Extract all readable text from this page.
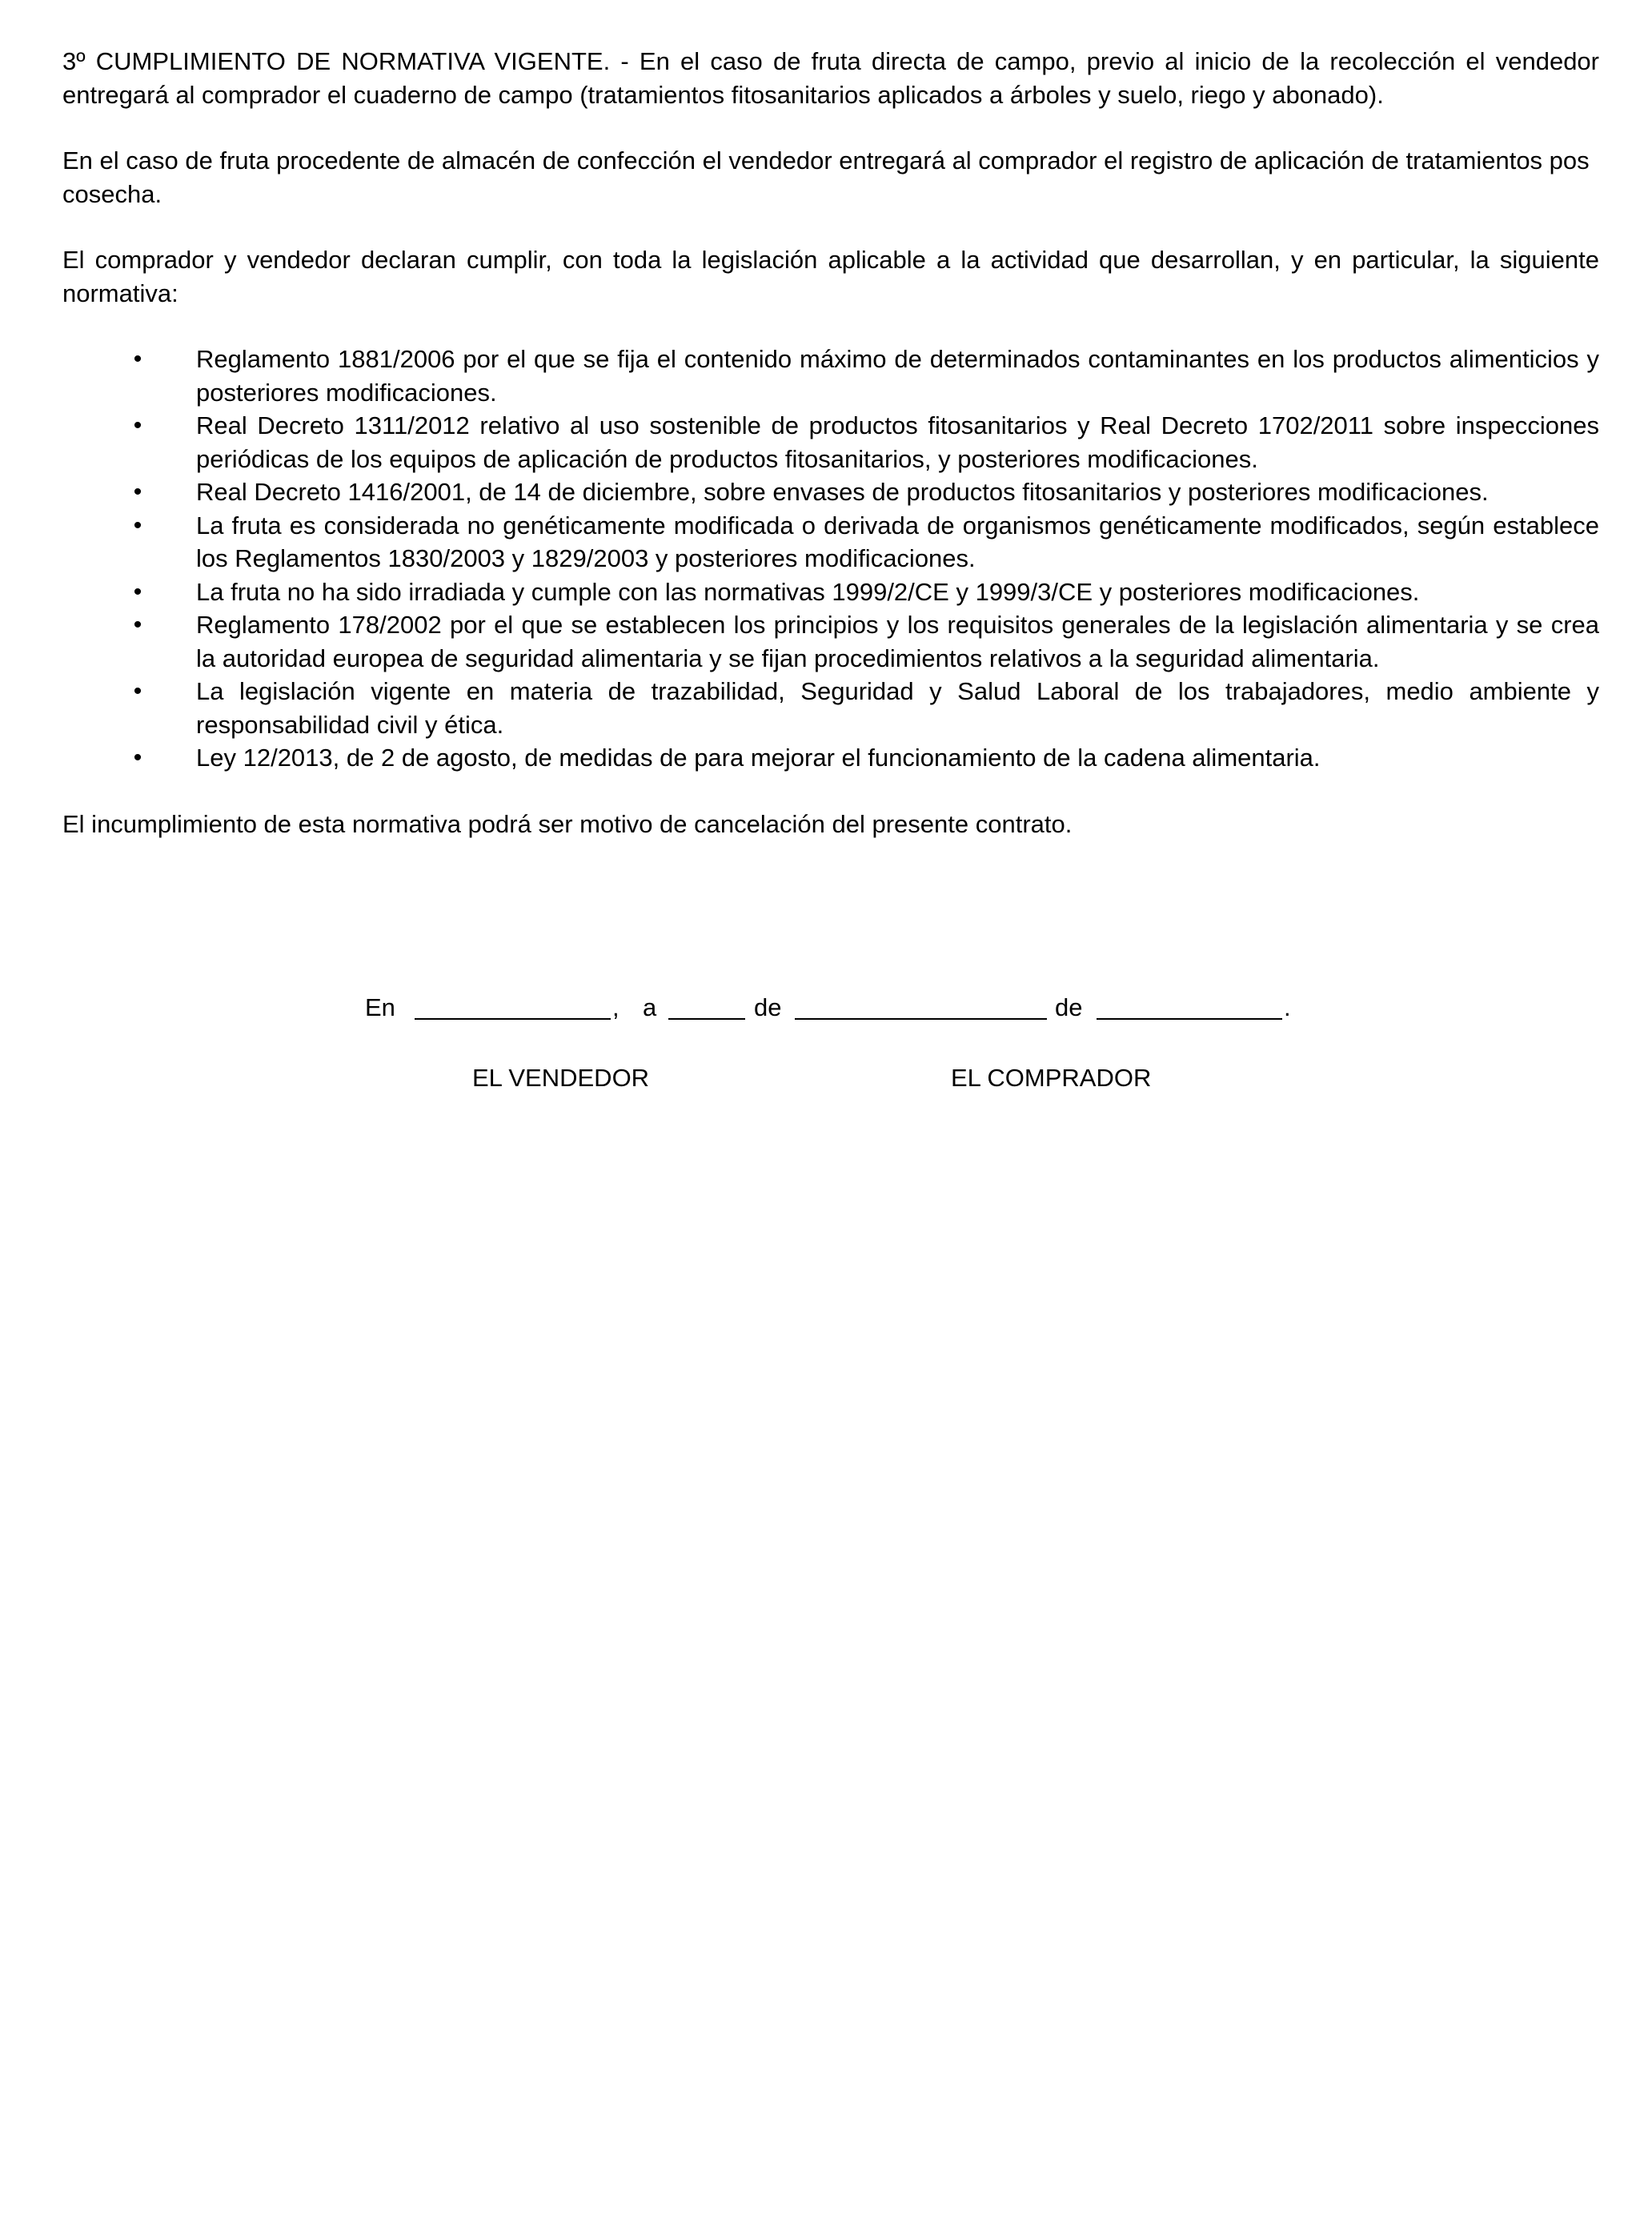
3º CUMPLIMIENTO DE NORMATIVA VIGENTE. - En el caso de fruta directa de campo, previo al inicio de la recolección el vendedor entregará al comprador el cuaderno de campo (tratamientos fitosanitarios aplicados a árboles y suelo, riego y abonado).

En el caso de fruta procedente de almacén de confección el vendedor entregará al comprador el registro de aplicación de tratamientos pos cosecha.

El comprador y vendedor declaran cumplir, con toda la legislación aplicable a la actividad que desarrollan, y en particular, la siguiente normativa:

• Reglamento 1881/2006 por el que se fija el contenido máximo de determinados contaminantes en los productos alimenticios y posteriores modificaciones.
• Real Decreto 1311/2012 relativo al uso sostenible de productos fitosanitarios y Real Decreto 1702/2011 sobre inspecciones periódicas de los equipos de aplicación de productos fitosanitarios, y posteriores modificaciones.
• Real Decreto 1416/2001, de 14 de diciembre, sobre envases de productos fitosanitarios y posteriores modificaciones.
• La fruta es considerada no genéticamente modificada o derivada de organismos genéticamente modificados, según establece los Reglamentos 1830/2003 y 1829/2003 y posteriores modificaciones.
• La fruta no ha sido irradiada y cumple con las normativas 1999/2/CE y 1999/3/CE y posteriores modificaciones.
• Reglamento 178/2002 por el que se establecen los principios y los requisitos generales de la legislación alimentaria y se crea la autoridad europea de seguridad alimentaria y se fijan procedimientos relativos a la seguridad alimentaria.
• La legislación vigente en materia de trazabilidad, Seguridad y Salud Laboral de los trabajadores, medio ambiente y responsabilidad civil y ética.
• Ley 12/2013, de 2 de agosto, de medidas de para mejorar el funcionamiento de la cadena alimentaria.

El incumplimiento de esta normativa podrá ser motivo de cancelación del presente contrato.

En	, a	de	de	.
EL VENDEDOR	EL COMPRADOR
